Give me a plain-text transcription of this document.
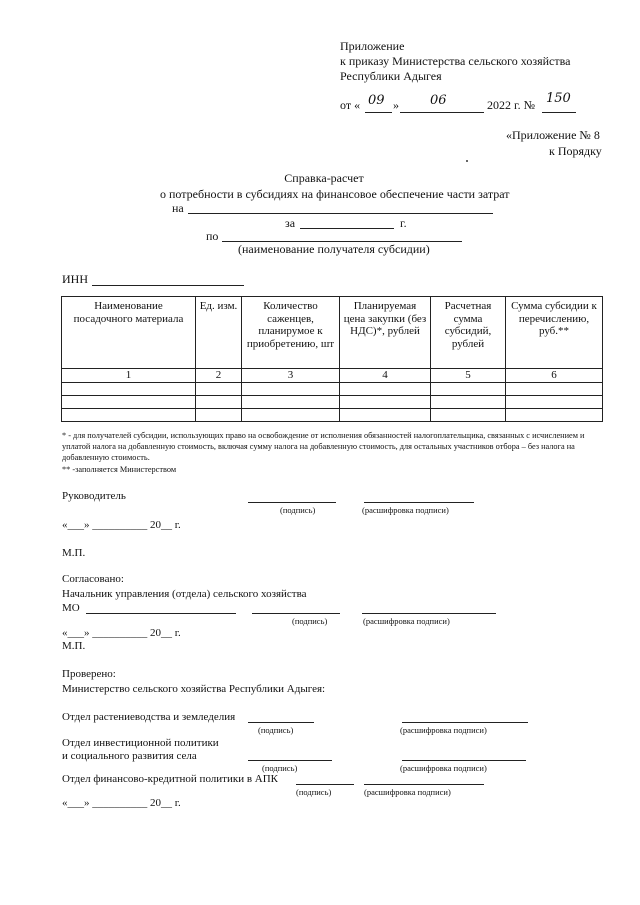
Приложение
к приказу Министерства сельского хозяйства
Республики Адыгея
от « 09 » 06	2022 г. № 150
«Приложение № 8
к Порядку
Справка-расчет
о потребности в субсидиях на финансовое обеспечение части затрат
на
за	г.
по
(наименование получателя субсидии)
ИНН
Наименование посадочного материала	Ед. изм.	Количество саженцев, планирумое к приобретению, шт	Планируемая цена закупки (без НДС)*, рублей	Расчетная сумма субсидий, рублей	Сумма субсидии к перечислению, руб.**
1	2	3	4	5	6

* - для получателей субсидии, использующих право на освобождение от исполнения обязанностей налогоплательщика, связанных с исчислением и уплатой налога на добавленную стоимость, включая сумму налога на добавленную стоимость, для остальных участников отбора – без налога на добавленную стоимость.
** -заполняется Министерством
Руководитель
(подпись)	(расшифровка подписи)
«___» __________ 20__ г.
М.П.
Согласовано:
Начальник управления (отдела) сельского хозяйства
МО
(подпись)	(расшифровка подписи)
«___» __________ 20__ г.
М.П.
Проверено:
Министерство сельского хозяйства Республики Адыгея:
Отдел растениеводства и земледелия
(подпись)	(расшифровка подписи)
Отдел инвестиционной политики
и социального развития села
(подпись)	(расшифровка подписи)
Отдел финансово-кредитной политики в АПК
(подпись)	(расшифровка подписи)
«___» __________ 20__ г.
